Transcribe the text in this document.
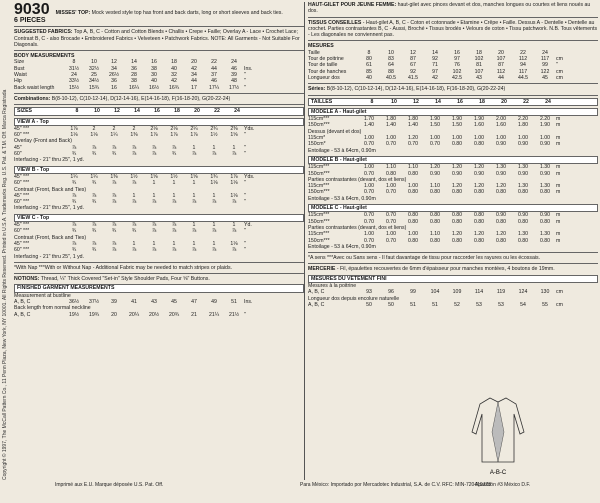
Copyright © 1997, The McCall Pattern Co., 11 Penn Plaza, New York, NY 10001. All Rights Reserved. Printed in U.S.A. Trademarks Reg. U.S. Pat. & T.M. Off. Marca Registrada
9030 MISSES' TOP: Mock vested style top has front and back darts, long or short sleeves and back ties.
6 PIECES
SUGGESTED FABRICS: Top A, B, C - Cotton and Cotton Blends • Challis • Crepe • Faille; Overlay A - Lace • Crochet Lace; Contrast B, C - also Brocade • Embroidered Fabrics • Velveteen • Patchwork Fabrics. NOTE: All Garments - Not Suitable For Diagonals.
BODY MEASUREMENTS
Size	8	10	12	14	16	18	20	22	24
Bust	31½	32½	34	36	38	40	42	44	46	Ins.
Waist	24	25	26½	28	30	32	34	37	39	"
Hip	33½	34½	36	38	40	42	44	46	48	"
Back waist length	15½	15¾	16	16¼	16½	16¾	17	17¼	17½ "
Combinations: B(8-10-12), C(10-12-14), D(12-14-16), E(14-16-18), F(16-18-20), G(20-22-24)
SIZES	8	10	12	14	16	18	20	22	24
VIEW A - Top
45" ***	1⅞	2	2	2	2⅛	2⅛	2¼	2¾	2⅜	Yds.
60" ***	1⅛	1⅛	1¼	1⅜	1⅞	1⅞	1⅞	1½	1⅝	"
Overlay (Front and Back)
45"	⅞	⅞	⅞	⅞	⅞	⅞	1	1	1	"
60"	¾	¾	¾	⅞	⅞	¾	⅞	⅞	⅞	"
Interfacing - 21" thru 25", 1 yd.
VIEW B - Top
45" ***	1¼	1¼	1⅜	1½	1⅝	1½	1⅝	1¾	1⅞	Yds.
60" ***	¾	¾	⅞	⅞	1	1	1	1⅛	1⅛	"
Contrast (Front, Back and Ties)
45" ***	⅞	⅞	⅞	1	1	1	1	1	1⅛	"
60" ***	¾	¾	⅞	⅞	⅞	⅞	⅞	⅞	⅞	"
Interfacing - 21" thru 25", 1 yd.
VIEW C - Top
45" ***	⅞	⅞	⅞	⅞	⅞	⅞	1	1	1	Yd.
60" ***	¾	¾	¾	¾	⅞	⅞	⅞	⅞	⅞	"
Contrast (Front, Back and Ties)
45" ***	⅞	⅞	⅞	1	1	1	1	1	1⅛	"
60" ***	¾	¾	⅞	⅞	⅞	⅞	⅞	⅞	⅞	"
Interfacing - 21" thru 25", 1 yd.
*With Nap ***With or Without Nap - Additional Fabric may be needed to match stripes or plaids.
NOTIONS: Thread, ¼" Thick Covered "Set-in" Style Shoulder Pads, Four ⅝" Buttons.
FINISHED GARMENT MEASUREMENTS
Measurement at bustline
A, B, C	36½	37½	39	41	43	45	47	49	51	Ins.
Back length from normal neckline
A, B, C	19½	19¾	20	20¼	20½	20¾	21	21¼	21½ "
HAUT-GILET POUR JEUNE FEMME: haut-gilet avec pinces devant et dos, manches longues ou courtes et liens noués au dos.
TISSUS CONSEILLES - Haut-gilet A, B, C - Coton et cotonnade • Etamine • Crêpe • Faille. Dessus A - Dentelle • Dentelle au crochet. Parties contrastantes B, C - Aussi, Broché • Tissus brodés • Velours de coton • Tissu patchwork. N.B. Tous vêtements - Les diagonales ne conviennent pas.
MESURES
Taille	8	10	12	14	16	18	20	22	24
Tour de poitrine	80	83	87	92	97	102	107	112	117	cm
Tour de taille	61	64	67	71	76	81	87	94	99	"
Tour de hanches	85	88	92	97	102	107	112	117	122	cm
Longueur dos	40	40.5	41.5	42	42.5	43	44	44.5	45	cm
Séries: B(8-10-12), C(10-12-14), D(12-14-16), E(14-16-18), F(16-18-20), G(20-22-24)
TAILLES	8	10	12	14	16	18	20	22	24
MODELE A - Haut-gilet
115cm***	1.70	1.80	1.80	1.90	1.90	1.90	2.00	2.20	2.20	m
150cm***	1.40	1.40	1.40	1.50	1.50	1.60	1.60	1.80	1.90	m
Dessus (devant et dos)
115cm*	1.00	1.00	1.20	1.00	1.00	1.00	1.00	1.00	1.00	m
150cm*	0.70	0.70	0.70	0.70	0.80	0.80	0.90	0.90	0.90	m
Entoilage - 53 à 64cm, 0.90m
MODELE B - Haut-gilet
115cm***	1.00	1.10	1.10	1.20	1.20	1.20	1.30	1.30	1.30	m
150cm***	0.70	0.80	0.80	0.90	0.90	0.90	0.90	0.90	0.90	m
Parties contrastantes (devant, dos et liens)
115cm***	1.00	1.00	1.00	1.10	1.20	1.20	1.20	1.30	1.30	m
150cm***	0.70	0.70	0.80	0.80	0.80	0.80	0.80	0.80	0.80	m
Entoilage - 53 à 64cm, 0.90m
MODELE C - Haut-gilet
115cm***	0.70	0.70	0.80	0.80	0.80	0.80	0.90	0.90	0.90	m
150cm***	0.70	0.70	0.80	0.80	0.80	0.80	0.80	0.80	0.80	m
Parties contrastantes (devant, dos et liens)
115cm***	1.00	1.00	1.00	1.10	1.20	1.20	1.20	1.30	1.30	m
150cm***	0.70	0.70	0.80	0.80	0.80	0.80	0.80	0.80	0.80	m
Entoilage - 53 à 64cm, 0.90m
*A sens ***Avec ou Sans sens - Il faut davantage de tissu pour raccorder les rayures ou les écossais.
MERCERIE - Fil, épaulettes recouvertes de 6mm d'épaisseur pour manches montées, 4 boutons de 19mm.
MESURES DU VETEMENT FINI
Mesures à la poitrine
A, B, C	93	96	99	104	109	114	119	124	130	cm
Longueur dos depuis encolure naturelle
A, B, C	50	50	51	51	52	53	53	54	55	cm
A-B-C
Imprimé aux E.U. Marque déposée U.S. Pat. Off.	Para México: Importado por Mercadotec Industrial, S.A. de C.V. RFC: MIN-720419JZ8
Aparición #3 México D.F.
